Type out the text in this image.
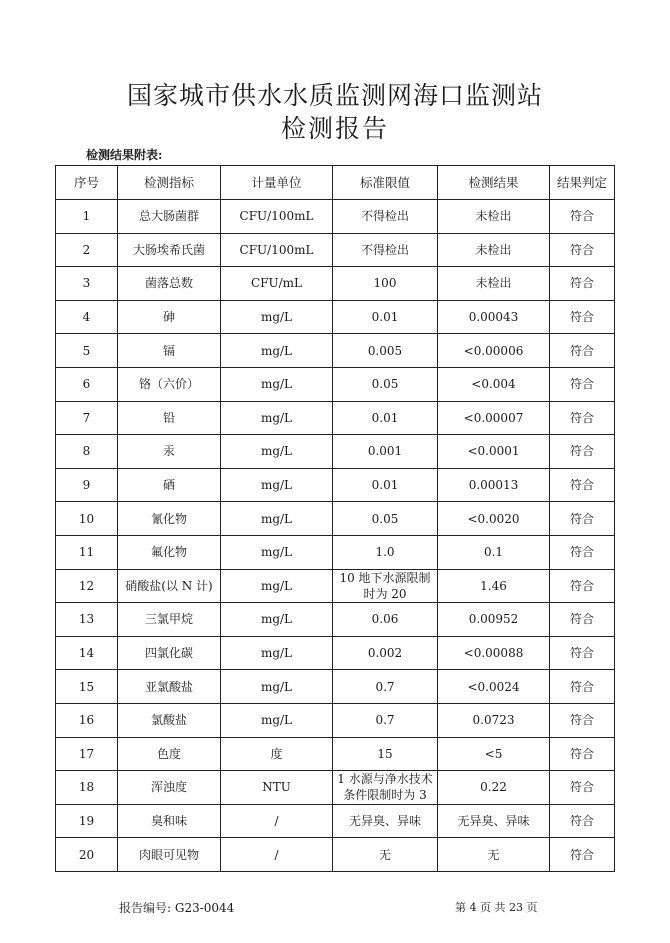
国家城市供水水质监测网海口监测站
检测报告
检测结果附表:
序号	检测指标	计量单位	标准限值	检测结果	结果判定
1	总大肠菌群	CFU/100mL	不得检出	未检出	符合
2	大肠埃希氏菌	CFU/100mL	不得检出	未检出	符合
3	菌落总数	CFU/mL	100	未检出	符合
4	砷	mg/L	0.01	0.00043	符合
5	镉	mg/L	0.005	<0.00006	符合
6	铬（六价）	mg/L	0.05	<0.004	符合
7	铅	mg/L	0.01	<0.00007	符合
8	汞	mg/L	0.001	<0.0001	符合
9	硒	mg/L	0.01	0.00013	符合
10	氰化物	mg/L	0.05	<0.0020	符合
11	氟化物	mg/L	1.0	0.1	符合
12	硝酸盐(以 N 计)	mg/L	10 地下水源限制时为 20	1.46	符合
13	三氯甲烷	mg/L	0.06	0.00952	符合
14	四氯化碳	mg/L	0.002	<0.00088	符合
15	亚氯酸盐	mg/L	0.7	<0.0024	符合
16	氯酸盐	mg/L	0.7	0.0723	符合
17	色度	度	15	<5	符合
18	浑浊度	NTU	1 水源与净水技术条件限制时为 3	0.22	符合
19	臭和味	/	无异臭、异味	无异臭、异味	符合
20	肉眼可见物	/	无	无	符合
报告编号: G23-0044	第 4 页 共 23 页
